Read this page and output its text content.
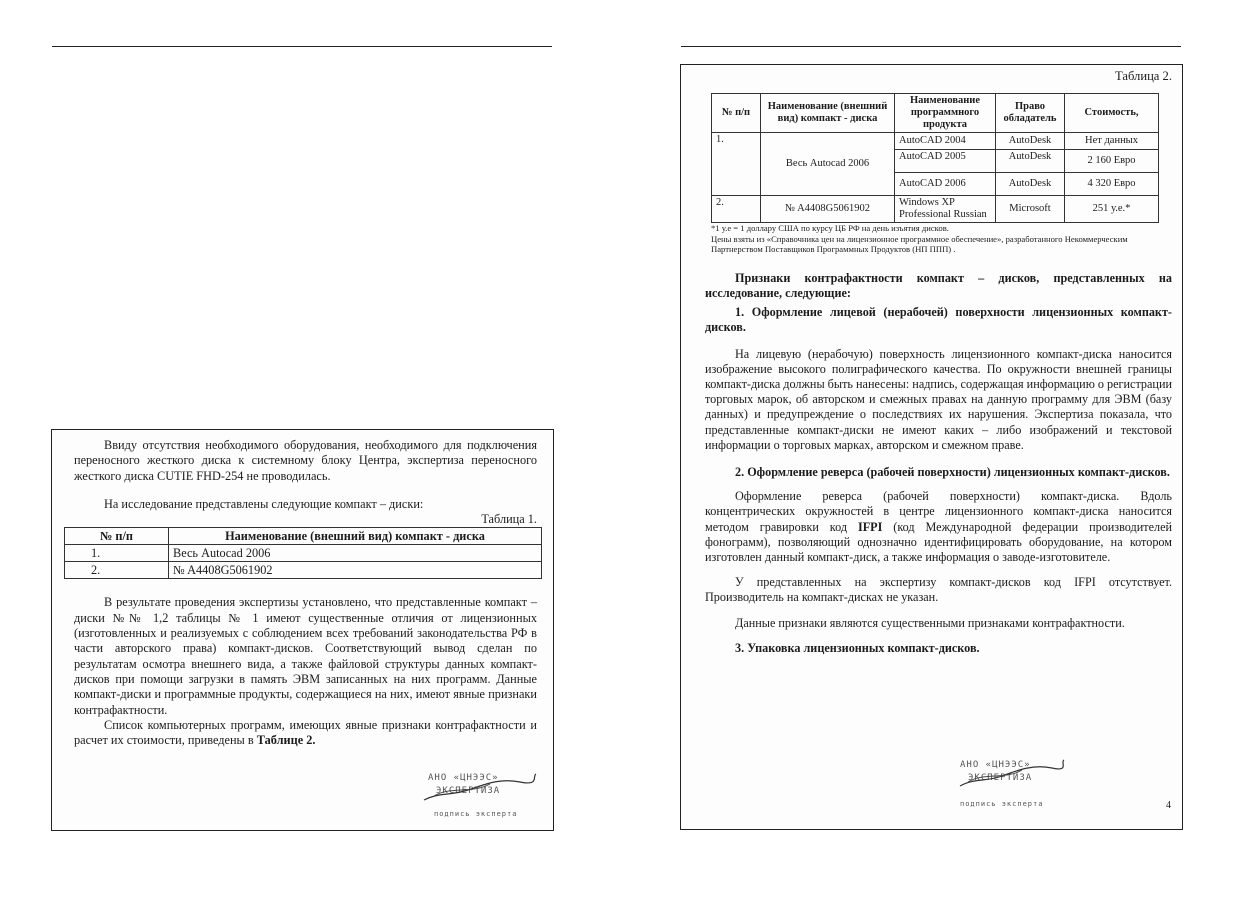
Ввиду отсутствия необходимого оборудования, необходимого для подключения переносного жесткого диска к системному блоку Центра, экспертиза переносного жесткого диска CUTIE FHD-254 не проводилась.

На исследование представлены следующие компакт – диски:

Таблица 1.

№ п/п	Наименование (внешний вид) компакт - диска
1.	Весь Autocad 2006
2.	№ A4408G5061902

В результате проведения экспертизы установлено, что представленные компакт – диски №№ 1,2 таблицы № 1 имеют существенные отличия от лицензионных (изготовленных и реализуемых с соблюдением всех требований законодательства РФ в части авторского права) компакт-дисков. Соответствующий вывод сделан по результатам осмотра внешнего вида, а также файловой структуры данных компакт-дисков при помощи загрузки в память ЭВМ записанных на них программ. Данные компакт-диски и программные продукты, содержащиеся на них, имеют явные признаки контрафактности.

Список компьютерных программ, имеющих явные признаки контрафактности и расчет их стоимости, приведены в Таблице 2.

АНО «ЦНЭЭС»
ЭКСПЕРТИЗА
подпись эксперта

Таблица 2.

№ п/п	Наименование (внешний вид) компакт - диска	Наименование программного продукта	Право обладатель	Стоимость,
1.	Весь Autocad 2006	AutoCAD 2004	AutoDesk	Нет данных
		AutoCAD 2005	AutoDesk	2 160 Евро
		AutoCAD 2006	AutoDesk	4 320 Евро
2.	№ A4408G5061902	Windows XP Professional Russian	Microsoft	251 у.е.*

*1 у.е = 1 доллару США по курсу ЦБ РФ на день изъятия дисков.

Цены взяты из «Справочника цен на лицензионное программное обеспечение», разработанного Некоммерческим Партнерством Поставщиков Программных Продуктов (НП ППП) .

Признаки контрафактности компакт – дисков, представленных на исследование, следующие:

1. Оформление лицевой (нерабочей) поверхности лицензионных компакт-дисков.

На лицевую (нерабочую) поверхность лицензионного компакт-диска наносится изображение высокого полиграфического качества. По окружности внешней границы компакт-диска должны быть нанесены: надпись, содержащая информацию о регистрации торговых марок, об авторском и смежных правах на данную программу для ЭВМ (базу данных) и предупреждение о последствиях их нарушения. Экспертиза показала, что представленные компакт-диски не имеют каких – либо изображений и текстовой информации о торговых марках, авторском и смежном праве.

2. Оформление реверса (рабочей поверхности) лицензионных компакт-дисков.

Оформление реверса (рабочей поверхности) компакт-диска. Вдоль концентрических окружностей в центре лицензионного компакт-диска наносится методом гравировки код IFPI (код Международной федерации производителей фонограмм), позволяющий однозначно идентифицировать оборудование, на котором изготовлен данный компакт-диск, а также информация о заводе-изготовителе.

У представленных на экспертизу компакт-дисков код IFPI отсутствует. Производитель на компакт-дисках не указан.

Данные признаки являются существенными признаками контрафактности.

3. Упаковка лицензионных компакт-дисков.

АНО «ЦНЭЭС»
ЭКСПЕРТИЗА
подпись эксперта	4
